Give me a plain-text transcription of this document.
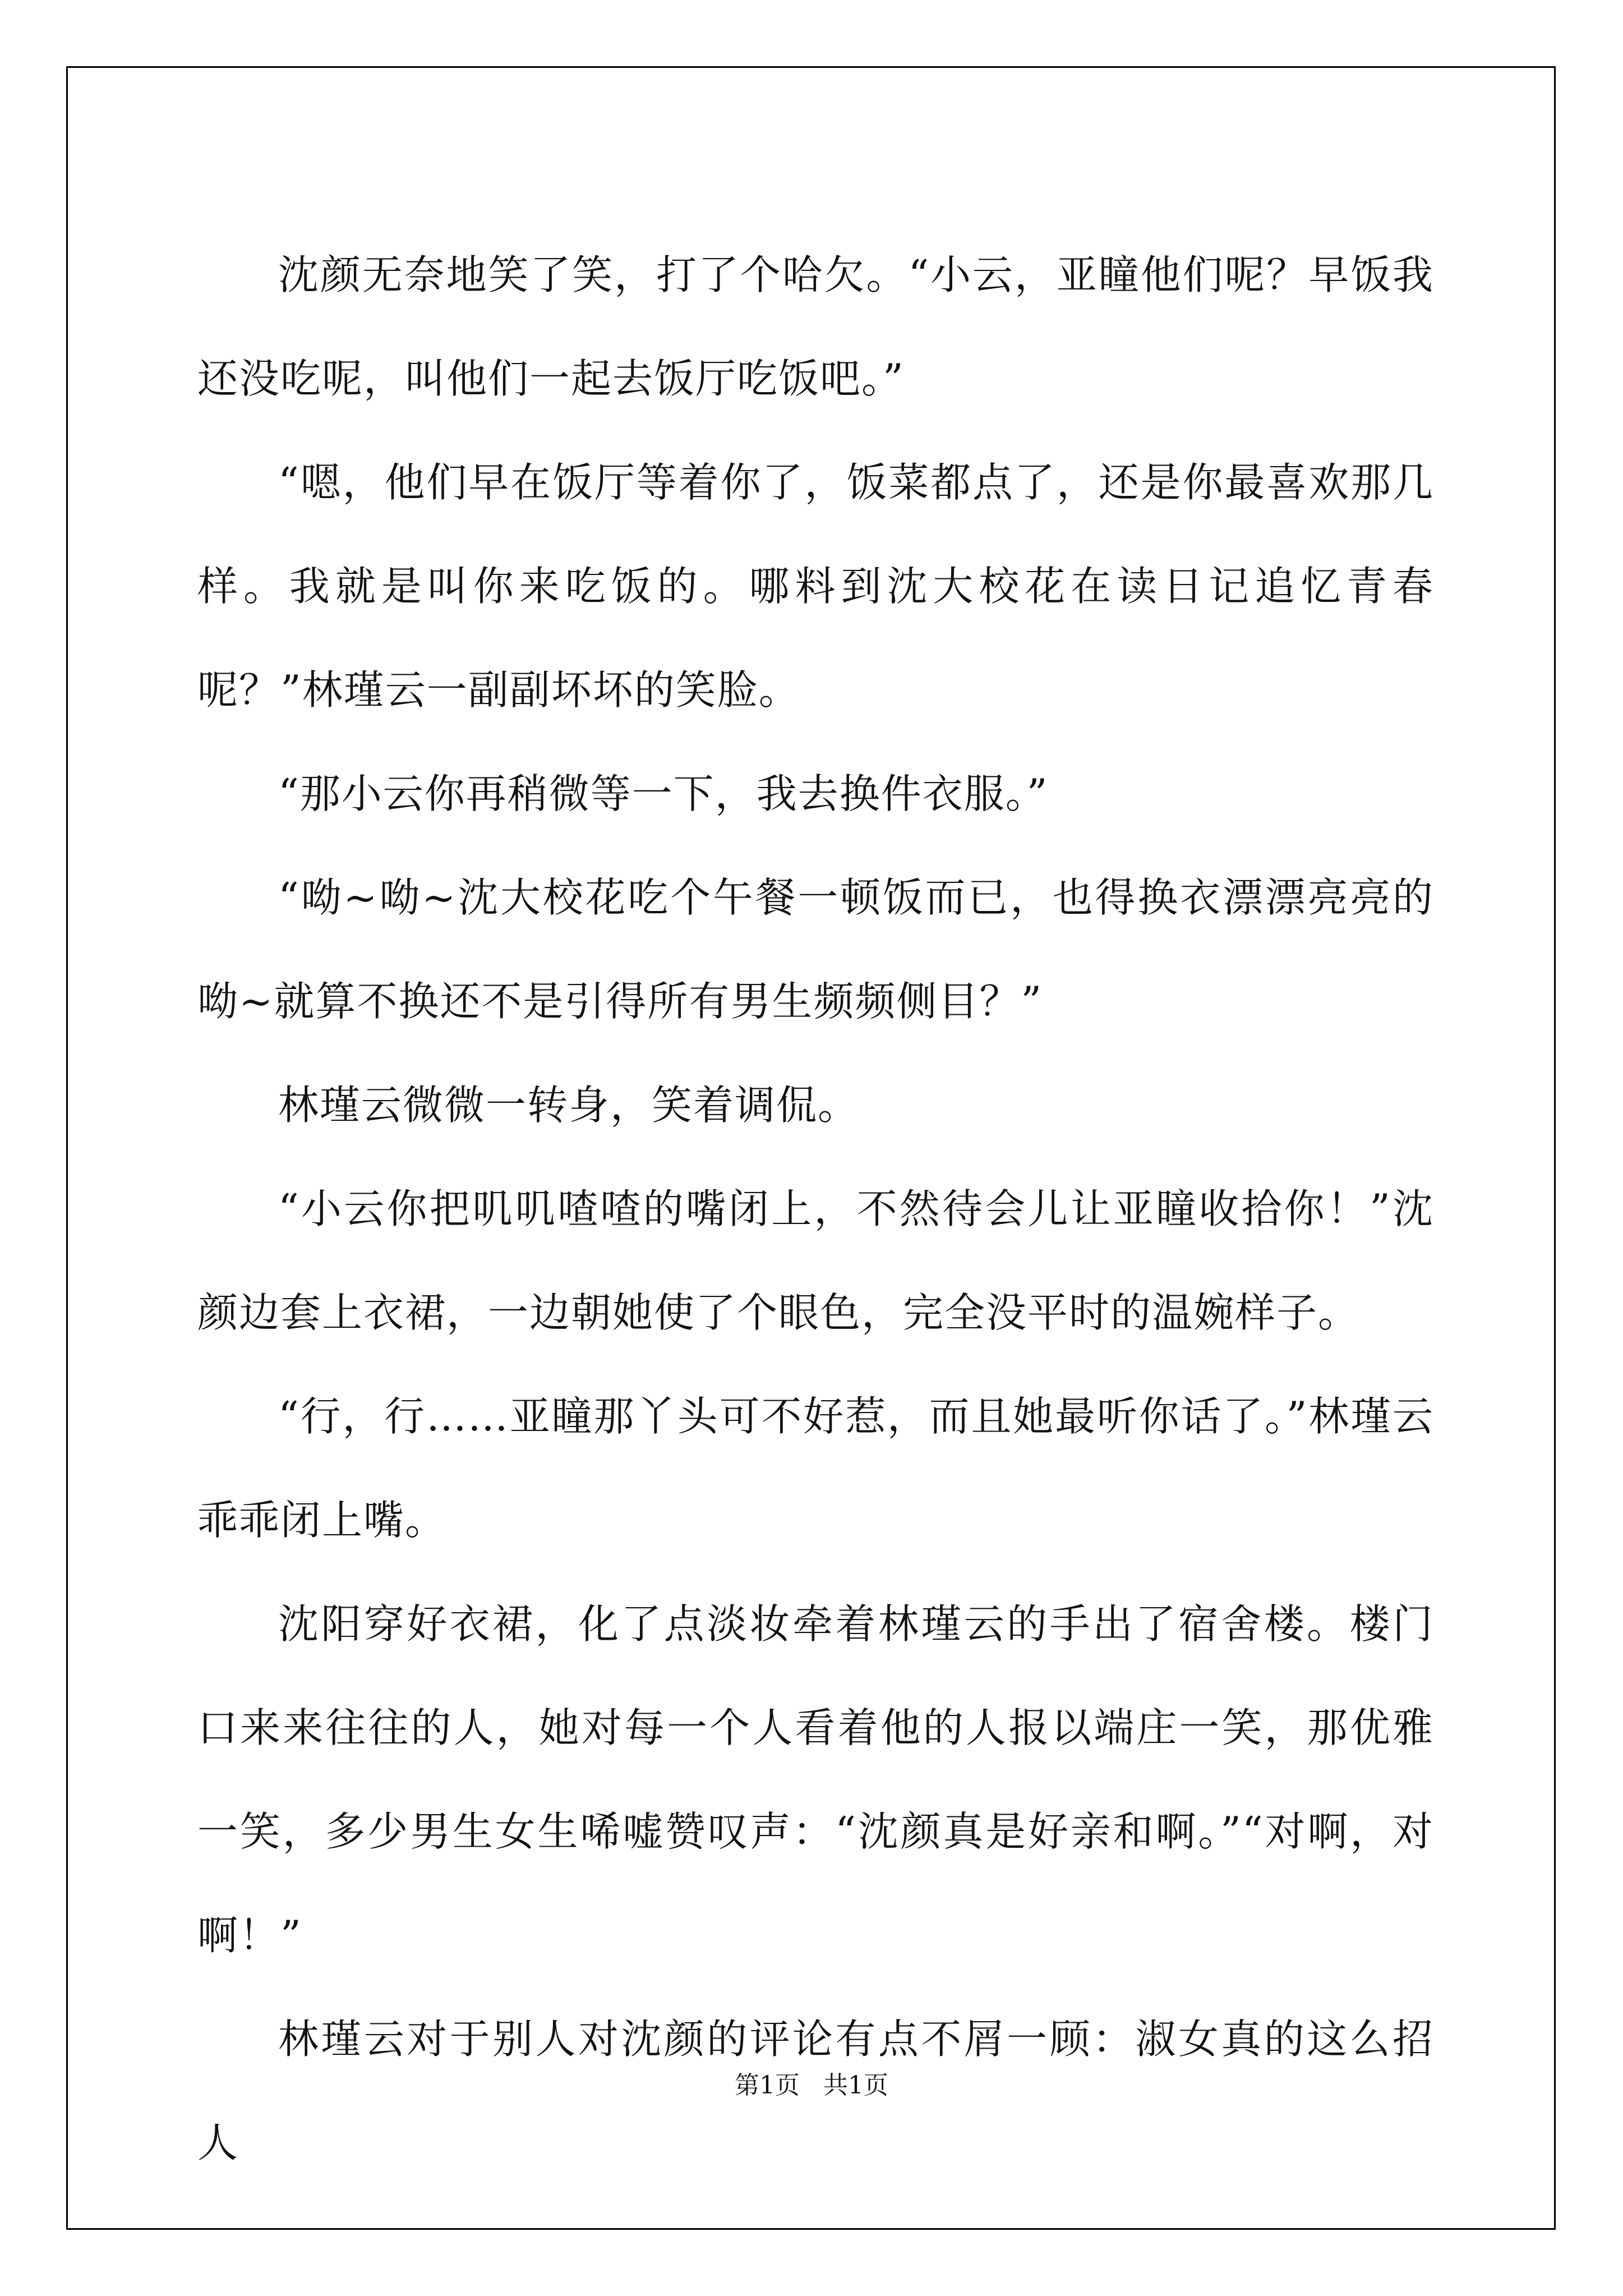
沈颜无奈地笑了笑，打了个哈欠。“小云，亚瞳他们呢？早饭我还没吃呢，叫他们一起去饭厅吃饭吧。”

“嗯，他们早在饭厅等着你了，饭菜都点了，还是你最喜欢那几样。我就是叫你来吃饭的。哪料到沈大校花在读日记追忆青春呢？”林瑾云一副副坏坏的笑脸。

“那小云你再稍微等一下，我去换件衣服。”

“呦~呦~沈大校花吃个午餐一顿饭而已，也得换衣漂漂亮亮的呦~就算不换还不是引得所有男生频频侧目？”

林瑾云微微一转身，笑着调侃。

“小云你把叽叽喳喳的嘴闭上，不然待会儿让亚瞳收拾你！”沈颜边套上衣裙，一边朝她使了个眼色，完全没平时的温婉样子。

“行，行……亚瞳那丫头可不好惹，而且她最听你话了。”林瑾云乖乖闭上嘴。

沈阳穿好衣裙，化了点淡妆牵着林瑾云的手出了宿舍楼。楼门口来来往往的人，她对每一个人看着他的人报以端庄一笑，那优雅一笑，多少男生女生唏嘘赞叹声：“沈颜真是好亲和啊。”“对啊，对啊！”

林瑾云对于别人对沈颜的评论有点不屑一顾：淑女真的这么招人

第1页 共1页
